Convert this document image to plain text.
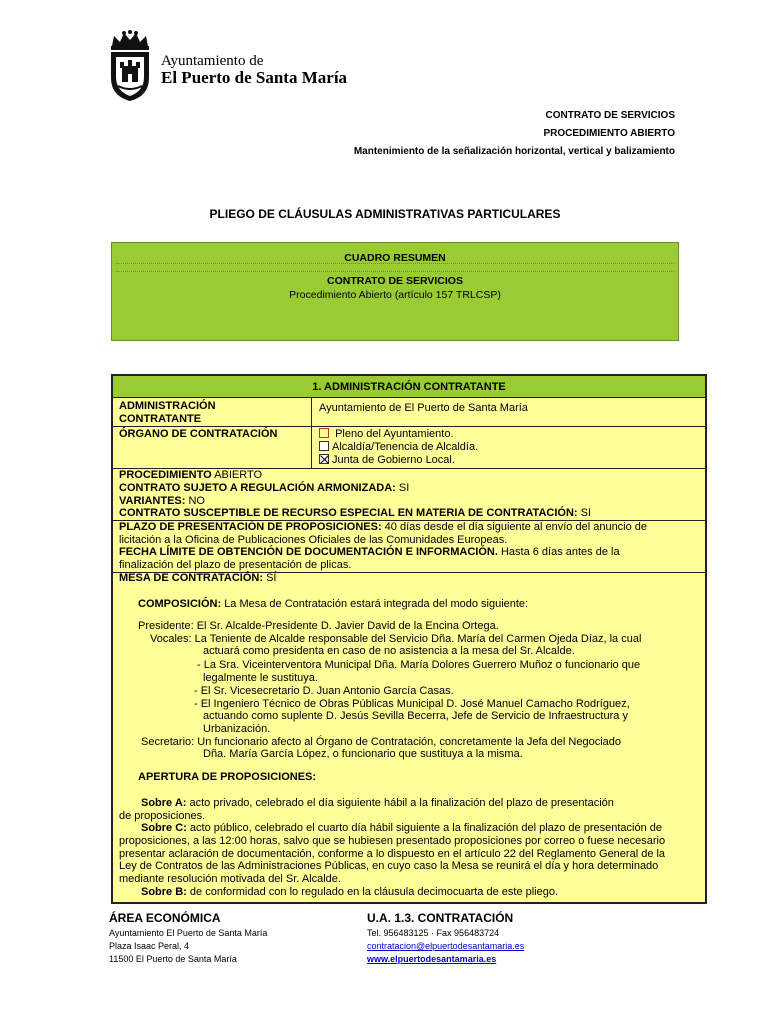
Ayuntamiento de
El Puerto de Santa María
CONTRATO DE SERVICIOS
PROCEDIMIENTO ABIERTO
Mantenimiento de la señalización horizontal, vertical y balizamiento
PLIEGO DE CLÁUSULAS ADMINISTRATIVAS PARTICULARES
CUADRO RESUMEN
CONTRATO DE SERVICIOS
Procedimiento Abierto (artículo 157 TRLCSP)
1. ADMINISTRACIÓN CONTRATANTE
ADMINISTRACIÓN
CONTRATANTE
Ayuntamiento de El Puerto de Santa María
ÓRGANO DE CONTRATACIÓN	Pleno del Ayuntamiento.
Alcaldía/Tenencia de Alcaldía.
Junta de Gobierno Local.
PROCEDIMIENTO ABIERTO
CONTRATO SUJETO A REGULACIÓN ARMONIZADA: SI
VARIANTES: NO
CONTRATO SUSCEPTIBLE DE RECURSO ESPECIAL EN MATERIA DE CONTRATACIÓN: SI
PLAZO DE PRESENTACIÓN DE PROPOSICIONES: 40 días desde el día siguiente al envío del anuncio de
licitación a la Oficina de Publicaciones Oficiales de las Comunidades Europeas.
FECHA LÍMITE DE OBTENCIÓN DE DOCUMENTACIÓN E INFORMACIÓN. Hasta 6 días antes de la
finalización del plazo de presentación de plicas.
MESA DE CONTRATACIÓN: SÍ
COMPOSICIÓN: La Mesa de Contratación estará integrada del modo siguiente:
Presidente: El Sr. Alcalde-Presidente D. Javier David de la Encina Ortega.
Vocales: La Teniente de Alcalde responsable del Servicio Dña. María del Carmen Ojeda Díaz, la cual
actuará como presidenta en caso de no asistencia a la mesa del Sr. Alcalde.
- La Sra. Viceinterventora Municipal Dña. María Dolores Guerrero Muñoz o funcionario que
legalmente le sustituya.
- El Sr. Vicesecretario D. Juan Antonio García Casas.
- El Ingeniero Técnico de Obras Públicas Municipal D. José Manuel Camacho Rodríguez,
actuando como suplente D. Jesús Sevilla Becerra, Jefe de Servicio de Infraestructura y
Urbanización.
Secretario: Un funcionario afecto al Órgano de Contratación, concretamente la Jefa del Negociado
Dña. María García López, o funcionario que sustituya a la misma.
APERTURA DE PROPOSICIONES:
Sobre A: acto privado, celebrado el día siguiente hábil a la finalización del plazo de presentación
de proposiciones.
Sobre C: acto público, celebrado el cuarto día hábil siguiente a la finalización del plazo de presentación de
proposiciones, a las 12:00 horas, salvo que se hubiesen presentado proposiciones por correo o fuese necesario
presentar aclaración de documentación, conforme a lo dispuesto en el artículo 22 del Reglamento General de la
Ley de Contratos de las Administraciones Públicas, en cuyo caso la Mesa se reunirá el día y hora determinado
mediante resolución motivada del Sr. Alcalde.
Sobre B: de conformidad con lo regulado en la cláusula decimocuarta de este pliego.
ÁREA ECONÓMICA
Ayuntamiento El Puerto de Santa María
Plaza Isaac Peral, 4
11500 El Puerto de Santa María
U.A. 1.3. CONTRATACIÓN
Tel. 956483125 · Fax 956483724
contratacion@elpuertodesantamaria.es
www.elpuertodesantamaria.es
